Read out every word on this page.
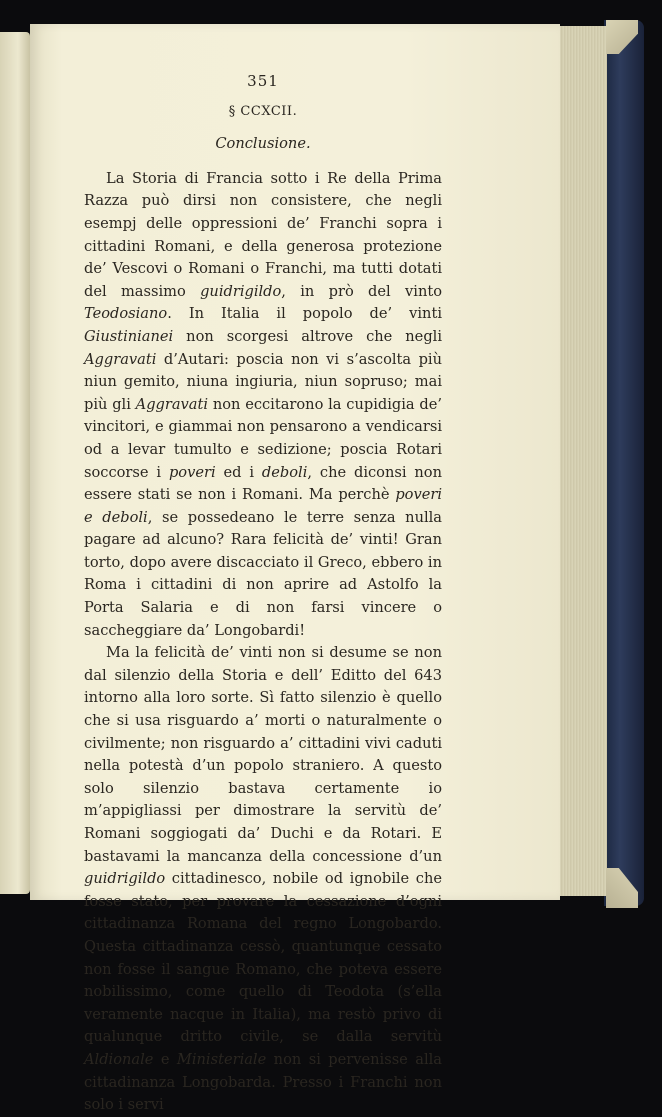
351

§ CCXCII.

Conclusione.

La Storia di Francia sotto i Re della Prima Razza può dirsi non consistere, che negli esempj delle oppressioni de’ Franchi sopra i cittadini Romani, e della generosa protezione de’ Vescovi o Romani o Franchi, ma tutti dotati del massimo guidrigildo, in prò del vinto Teodosiano. In Italia il popolo de’ vinti Giustinianei non scorgesi altrove che negli Aggravati d’Autari: poscia non vi s’ascolta più niun gemito, niuna ingiuria, niun sopruso; mai più gli Aggravati non eccitarono la cupidigia de’ vincitori, e giammai non pensarono a vendicarsi od a levar tumulto e sedizione; poscia Rotari soccorse i poveri ed i deboli, che diconsi non essere stati se non i Romani. Ma perchè poveri e deboli, se possedeano le terre senza nulla pagare ad alcuno? Rara felicità de’ vinti! Gran torto, dopo avere discacciato il Greco, ebbero in Roma i cittadini di non aprire ad Astolfo la Porta Salaria e di non farsi vincere o saccheggiare da’ Longobardi!

Ma la felicità de’ vinti non si desume se non dal silenzio della Storia e dell’ Editto del 643 intorno alla loro sorte. Sì fatto silenzio è quello che si usa risguardo a’ morti o naturalmente o civilmente; non risguardo a’ cittadini vivi caduti nella potestà d’un popolo straniero. A questo solo silenzio bastava certamente io m’appigliassi per dimostrare la servitù de’ Romani soggiogati da’ Duchi e da Rotari. E bastavami la mancanza della concessione d’un guidrigildo cittadinesco, nobile od ignobile che fosse stato, per provare la cessazione d’ogni cittadinanza Romana del regno Longobardo. Questa cittadinanza cessò, quantunque cessato non fosse il sangue Romano, che poteva essere nobilissimo, come quello di Teodota (s’ella veramente nacque in Italia), ma restò privo di qualunque dritto civile, se dalla servitù Aldionale e Ministeriale non si pervenisse alla cittadinanza Longobarda. Presso i Franchi non solo i servi
